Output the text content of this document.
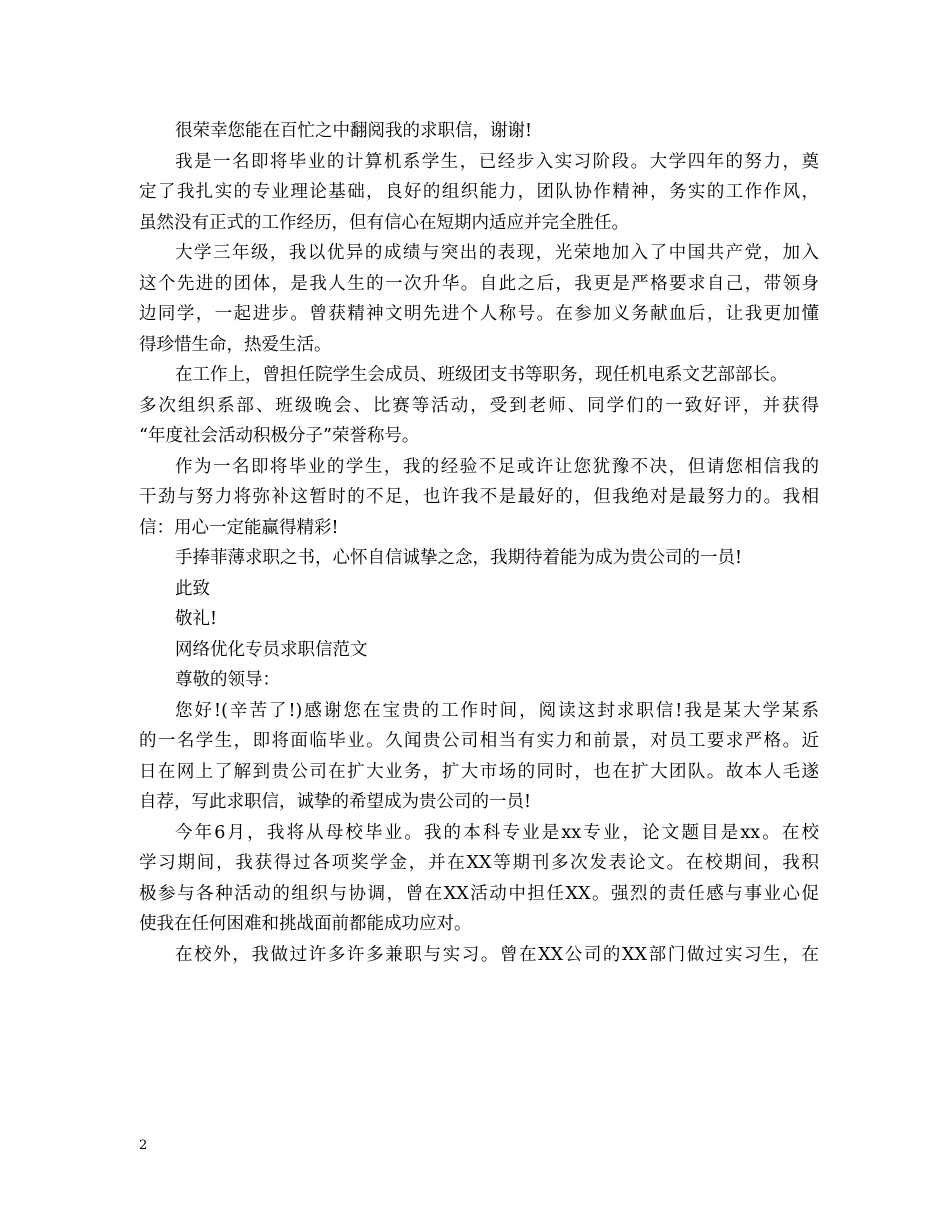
很荣幸您能在百忙之中翻阅我的求职信，谢谢!
我是一名即将毕业的计算机系学生，已经步入实习阶段。大学四年的努力，奠
定了我扎实的专业理论基础，良好的组织能力，团队协作精神，务实的工作作风，
虽然没有正式的工作经历，但有信心在短期内适应并完全胜任。
大学三年级，我以优异的成绩与突出的表现，光荣地加入了中国共产党，加入
这个先进的团体，是我人生的一次升华。自此之后，我更是严格要求自己，带领身
边同学，一起进步。曾获精神文明先进个人称号。在参加义务献血后，让我更加懂
得珍惜生命，热爱生活。
在工作上，曾担任院学生会成员、班级团支书等职务，现任机电系文艺部部长。
多次组织系部、班级晚会、比赛等活动，受到老师、同学们的一致好评，并获得
“年度社会活动积极分子”荣誉称号。
作为一名即将毕业的学生，我的经验不足或许让您犹豫不决，但请您相信我的
干劲与努力将弥补这暂时的不足，也许我不是最好的，但我绝对是最努力的。我相
信：用心一定能赢得精彩!
手捧菲薄求职之书，心怀自信诚挚之念，我期待着能为成为贵公司的一员!
此致
敬礼!
网络优化专员求职信范文
尊敬的领导：
您好!(辛苦了!)感谢您在宝贵的工作时间，阅读这封求职信!我是某大学某系
的一名学生，即将面临毕业。久闻贵公司相当有实力和前景，对员工要求严格。近
日在网上了解到贵公司在扩大业务，扩大市场的同时，也在扩大团队。故本人毛遂
自荐，写此求职信，诚挚的希望成为贵公司的一员!
今年6月，我将从母校毕业。我的本科专业是xx专业，论文题目是xx。在校
学习期间，我获得过各项奖学金，并在XX等期刊多次发表论文。在校期间，我积
极参与各种活动的组织与协调，曾在XX活动中担任XX。强烈的责任感与事业心促
使我在任何困难和挑战面前都能成功应对。
在校外，我做过许多许多兼职与实习。曾在XX公司的XX部门做过实习生，在
2
